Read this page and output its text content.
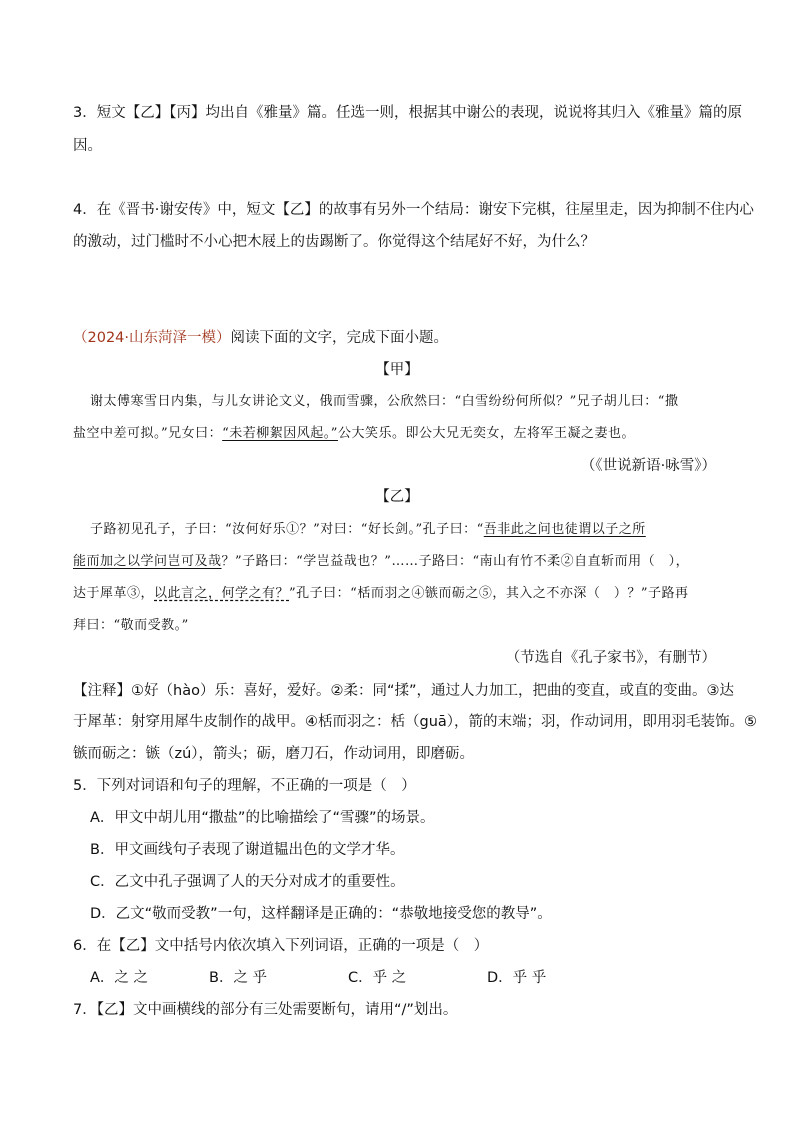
3．短文【乙】【丙】均出自《雅量》篇。任选一则，根据其中谢公的表现，说说将其归入《雅量》篇的原
因。
4．在《晋书·谢安传》中，短文【乙】的故事有另外一个结局：谢安下完棋，往屋里走，因为抑制不住内心
的激动，过门槛时不小心把木屐上的齿踢断了。你觉得这个结尾好不好，为什么？
（2024·山东菏泽一模）阅读下面的文字，完成下面小题。
【甲】
谢太傅寒雪日内集，与儿女讲论文义，俄而雪骤，公欣然曰：“白雪纷纷何所似？”兄子胡儿曰：“撒
盐空中差可拟。”兄女曰：“未若柳絮因风起。”公大笑乐。即公大兄无奕女，左将军王凝之妻也。
（《世说新语·咏雪》）
【乙】
子路初见孔子，子曰：“汝何好乐①？”对曰：“好长剑。”孔子曰：“吾非此之问也徒谓以子之所
能而加之以学问岂可及哉？”子路曰：“学岂益哉也？”……子路曰：“南山有竹不柔②自直斩而用（　），
达于犀革③，以此言之，何学之有？”孔子曰：“栝而羽之④镞而砺之⑤，其入之不亦深（　）？”子路再
拜曰：“敬而受教。”
（节选自《孔子家书》，有删节）
【注释】①好（hào）乐：喜好，爱好。②柔：同“揉”，通过人力加工，把曲的变直，或直的变曲。③达
于犀革：射穿用犀牛皮制作的战甲。④栝而羽之：栝（guā），箭的末端；羽，作动词用，即用羽毛装饰。⑤
镞而砺之：镞（zú），箭头；砺，磨刀石，作动词用，即磨砺。
5．下列对词语和句子的理解，不正确的一项是（　）
A．甲文中胡儿用“撒盐”的比喻描绘了“雪骤”的场景。
B．甲文画线句子表现了谢道韫出色的文学才华。
C．乙文中孔子强调了人的天分对成才的重要性。
D．乙文“敬而受教”一句，这样翻译是正确的：“恭敬地接受您的教导”。
6．在【乙】文中括号内依次填入下列词语，正确的一项是（　）
A．之 之	B．之 乎	C．乎 之	D．乎 乎
7．【乙】文中画横线的部分有三处需要断句，请用“/”划出。
